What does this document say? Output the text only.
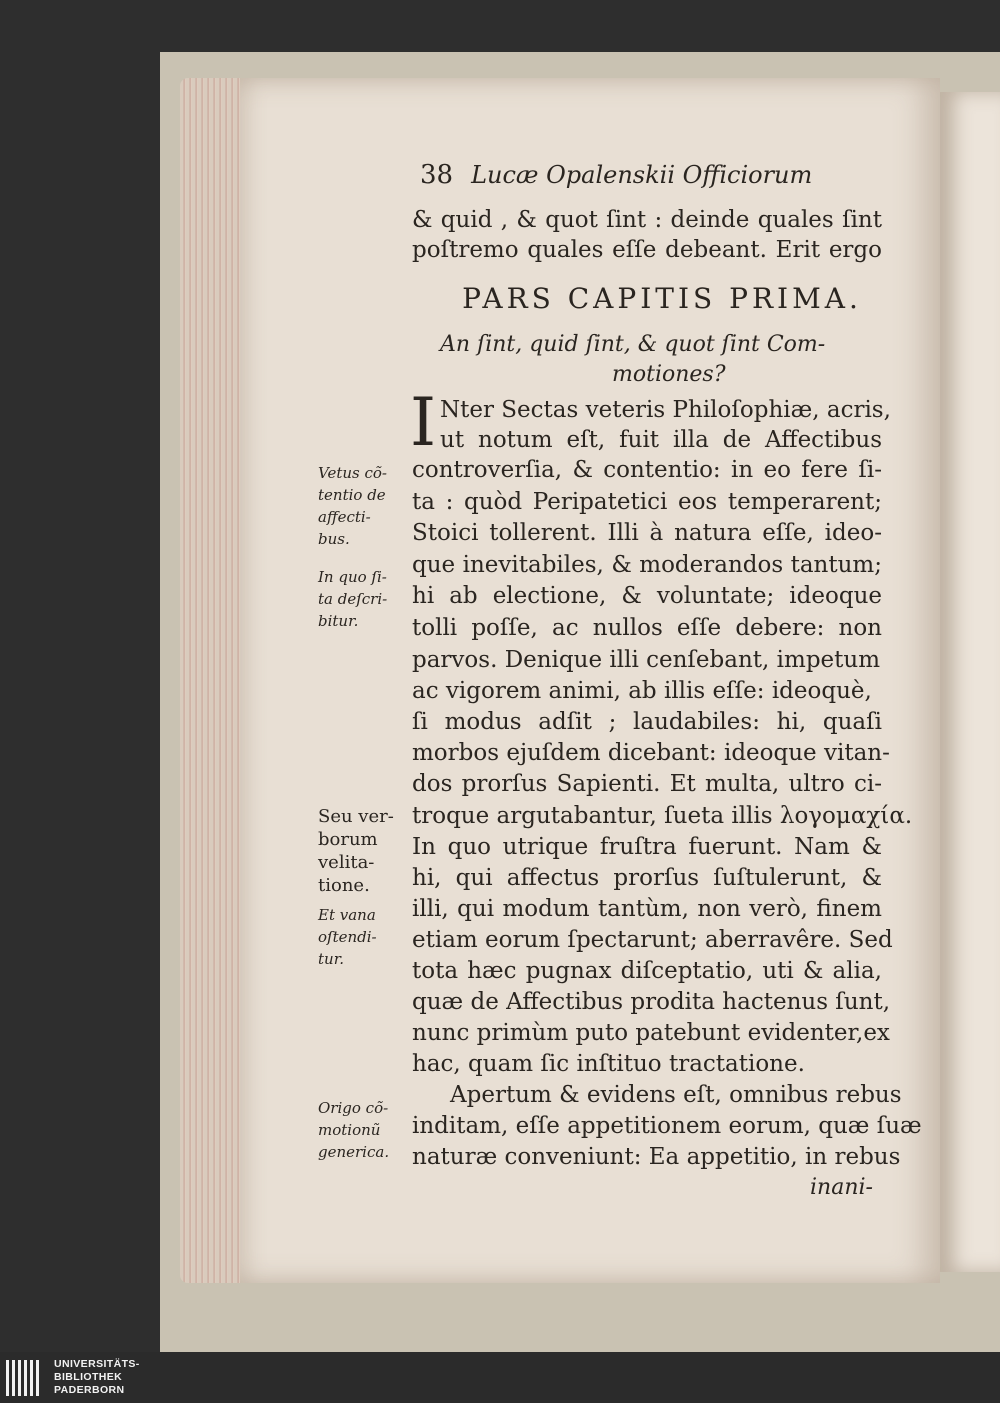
38 Lucæ Opalenskii Officiorum

& quid , & quot ſint : deinde quales ſint

poſtremo quales eſſe debeant. Erit ergo

PARS CAPITIS PRIMA.

An ſint, quid ſint, & quot ſint Com-

motiones?

I Nter Sectas veteris Philoſophiæ, acris,

ut notum eſt, fuit illa de Affectibus

controverſia, & contentio: in eo fere ſi-

ta : quòd Peripatetici eos temperarent;

Stoici tollerent. Illi à natura eſſe, ideo-

que inevitabiles, & moderandos tantum;

hi ab electione, & voluntate; ideoque

tolli poſſe, ac nullos eſſe debere: non

parvos. Denique illi cenſebant, impetum

ac vigorem animi, ab illis eſſe: ideoquè,

ſi modus adſit ; laudabiles: hi, quaſi

morbos ejuſdem dicebant: ideoque vitan-

dos prorſus Sapienti. Et multa, ultro ci-

troque argutabantur, ſueta illis λογομαχία.

In quo utrique fruſtra fuerunt. Nam &

hi, qui affectus prorſus ſuſtulerunt, &

illi, qui modum tantùm, non verò, finem

etiam eorum ſpectarunt; aberravêre. Sed

tota hæc pugnax diſceptatio, uti & alia,

quæ de Affectibus prodita hactenus ſunt,

nunc primùm puto patebunt evidenter,ex

hac, quam ſic inſtituo tractatione.

Apertum & evidens eſt, omnibus rebus

inditam, eſſe appetitionem eorum, quæ ſuæ

naturæ conveniunt: Ea appetitio, in rebus

inani-

Vetus cõ-
tentio de
affecti-
bus.
In quo ſi-
ta deſcri-
bitur.
Seu ver-
borum
velita-
tione.
Et vana
oſtendi-
tur.
Origo cõ-
motionũ
generica.

UNIVERSITÄTS-
BIBLIOTHEK
PADERBORN
